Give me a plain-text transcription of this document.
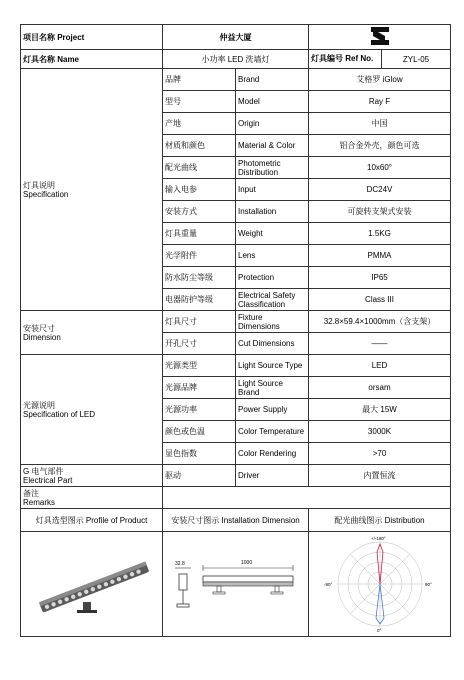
项目名称 Project	仲益大厦	
灯具名称 Name	小功率 LED 洗墙灯		灯具编号 Ref No. ZYL-05

灯具说明
Specification	品牌	Brand	艾格罗 iGlow
	型号	Model	Ray F
	产地	Origin	中国
	材质和颜色	Material & Color	铝合金外壳，颜色可选
	配光曲线	Photometric Distribution	10x60°
	输入电参	Input	DC24V
	安装方式	Installation	可旋转支架式安装
	灯具重量	Weight	1.5KG
	光学附件	Lens	PMMA
	防水防尘等级	Protection	IP65
	电器防护等级	Electrical Safety Classification	Class III
安装尺寸
Dimension	灯具尺寸	Fixture Dimensions	32.8×59.4×1000mm（含支架）
	开孔尺寸	Cut Dimensions	——
光源说明
Specification of LED	光源类型	Light Source Type	LED
	光源品牌	Light Source Brand	orsam
	光源功率	Power Supply	最大 15W
	颜色或色温	Color Temperature	3000K
	显色指数	Color Rendering	>70
G 电气部件
Electrical Part	驱动	Driver	内置恒流
备注
Remarks			
灯具选型图示 Profile of Product	安装尺寸图示 Installation Dimension		配光曲线图示 Distribution

32.8 1000		+/-180°
-90° 90°
0°
